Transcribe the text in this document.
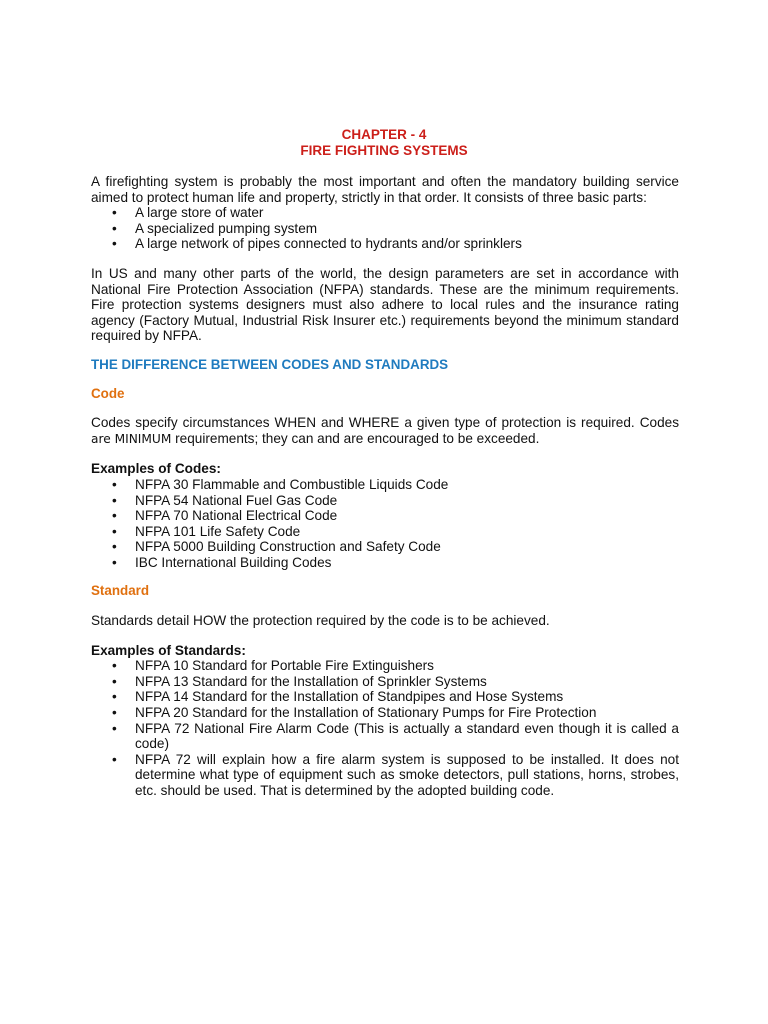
CHAPTER - 4
FIRE FIGHTING SYSTEMS

A firefighting system is probably the most important and often the mandatory building service aimed to protect human life and property, strictly in that order. It consists of three basic parts:

• A large store of water
• A specialized pumping system
• A large network of pipes connected to hydrants and/or sprinklers

In US and many other parts of the world, the design parameters are set in accordance with National Fire Protection Association (NFPA) standards. These are the minimum requirements. Fire protection systems designers must also adhere to local rules and the insurance rating agency (Factory Mutual, Industrial Risk Insurer etc.) requirements beyond the minimum standard required by NFPA.

THE DIFFERENCE BETWEEN CODES AND STANDARDS
Code

Codes specify circumstances WHEN and WHERE a given type of protection is required. Codes are MINIMUM requirements; they can and are encouraged to be exceeded.

Examples of Codes:
• NFPA 30 Flammable and Combustible Liquids Code
• NFPA 54 National Fuel Gas Code
• NFPA 70 National Electrical Code
• NFPA 101 Life Safety Code
• NFPA 5000 Building Construction and Safety Code
• IBC International Building Codes
Standard

Standards detail HOW the protection required by the code is to be achieved.

Examples of Standards:
• NFPA 10 Standard for Portable Fire Extinguishers
• NFPA 13 Standard for the Installation of Sprinkler Systems
• NFPA 14 Standard for the Installation of Standpipes and Hose Systems
• NFPA 20 Standard for the Installation of Stationary Pumps for Fire Protection
• NFPA 72 National Fire Alarm Code (This is actually a standard even though it is called a code)
• NFPA 72 will explain how a fire alarm system is supposed to be installed. It does not determine what type of equipment such as smoke detectors, pull stations, horns, strobes, etc. should be used. That is determined by the adopted building code.
